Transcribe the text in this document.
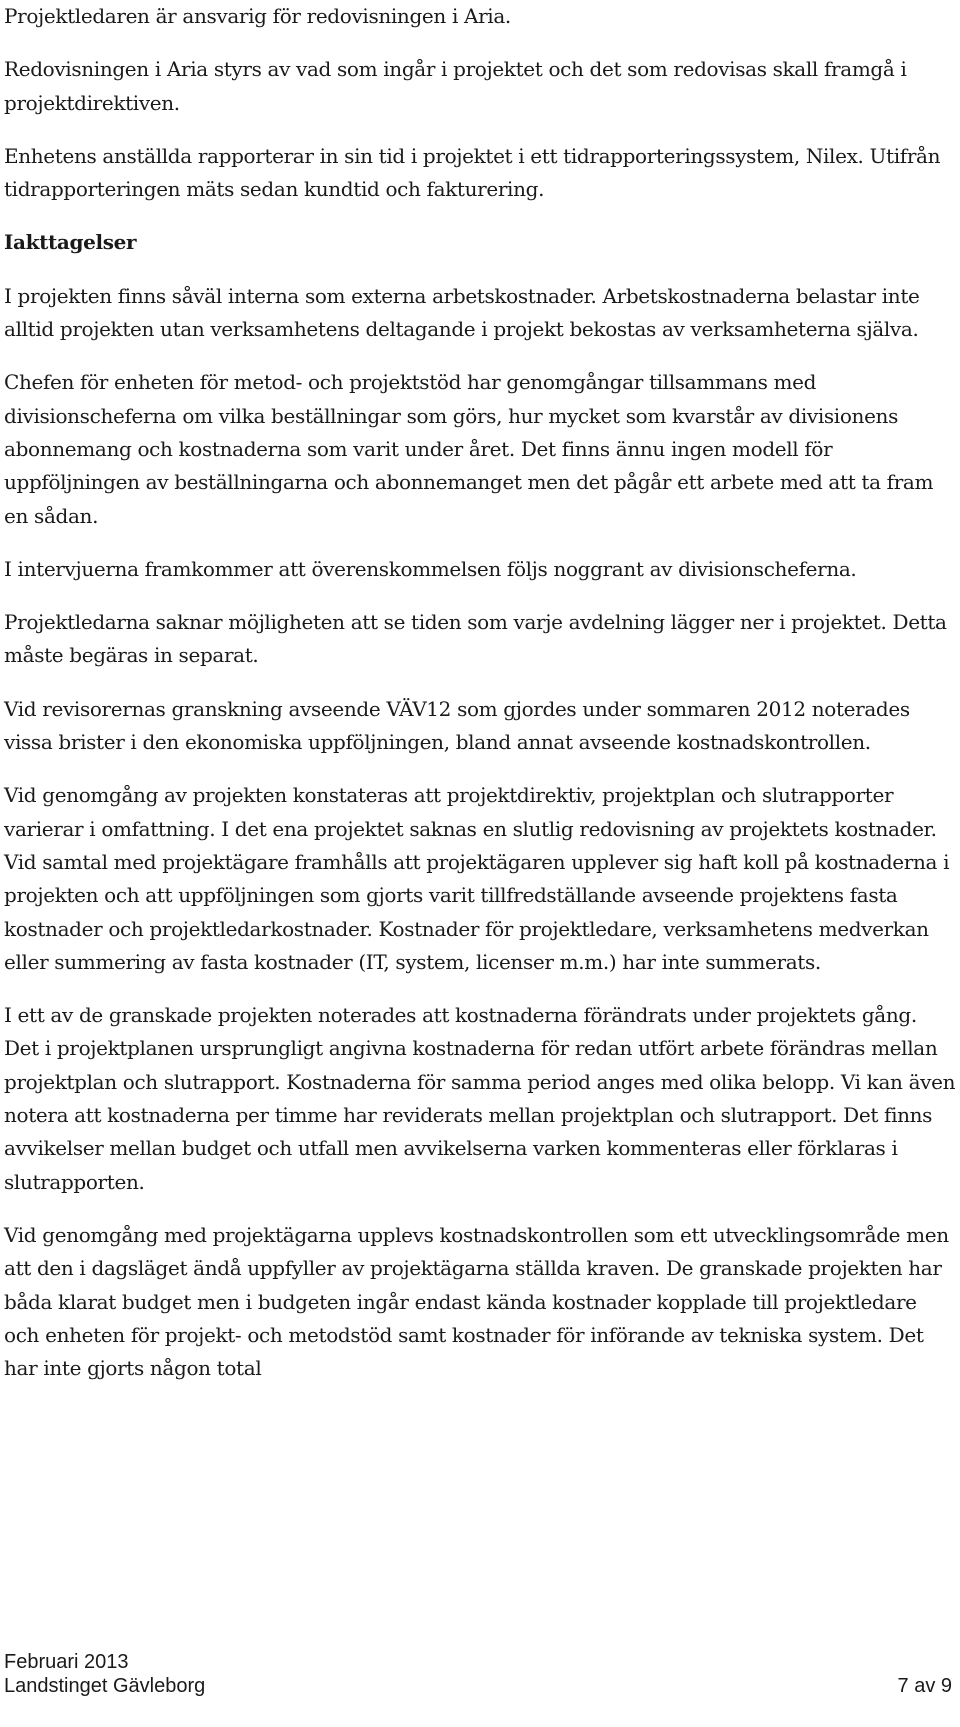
Projektledaren är ansvarig för redovisningen i Aria.

Redovisningen i Aria styrs av vad som ingår i projektet och det som redovisas skall framgå i projektdirektiven.

Enhetens anställda rapporterar in sin tid i projektet i ett tidrapporteringssystem, Nilex. Utifrån tidrapporteringen mäts sedan kundtid och fakturering.

Iakttagelser

I projekten finns såväl interna som externa arbetskostnader. Arbetskostnaderna belastar inte alltid projekten utan verksamhetens deltagande i projekt bekostas av verksamheterna själva.

Chefen för enheten för metod- och projektstöd har genomgångar tillsammans med divisionscheferna om vilka beställningar som görs, hur mycket som kvarstår av divisionens abonnemang och kostnaderna som varit under året. Det finns ännu ingen modell för uppföljningen av beställningarna och abonnemanget men det pågår ett arbete med att ta fram en sådan.

I intervjuerna framkommer att överenskommelsen följs noggrant av divisionscheferna.

Projektledarna saknar möjligheten att se tiden som varje avdelning lägger ner i projektet. Detta måste begäras in separat.

Vid revisorernas granskning avseende VÄV12 som gjordes under sommaren 2012 noterades vissa brister i den ekonomiska uppföljningen, bland annat avseende kostnadskontrollen.

Vid genomgång av projekten konstateras att projektdirektiv, projektplan och slutrapporter varierar i omfattning. I det ena projektet saknas en slutlig redovisning av projektets kostnader. Vid samtal med projektägare framhålls att projektägaren upplever sig haft koll på kostnaderna i projekten och att uppföljningen som gjorts varit tillfredställande avseende projektens fasta kostnader och projektledarkostnader. Kostnader för projektledare, verksamhetens medverkan eller summering av fasta kostnader (IT, system, licenser m.m.) har inte summerats.

I ett av de granskade projekten noterades att kostnaderna förändrats under projektets gång. Det i projektplanen ursprungligt angivna kostnaderna för redan utfört arbete förändras mellan projektplan och slutrapport. Kostnaderna för samma period anges med olika belopp. Vi kan även notera att kostnaderna per timme har reviderats mellan projektplan och slutrapport. Det finns avvikelser mellan budget och utfall men avvikelserna varken kommenteras eller förklaras i slutrapporten.

Vid genomgång med projektägarna upplevs kostnadskontrollen som ett utvecklingsområde men att den i dagsläget ändå uppfyller av projektägarna ställda kraven. De granskade projekten har båda klarat budget men i budgeten ingår endast kända kostnader kopplade till projektledare och enheten för projekt- och metodstöd samt kostnader för införande av tekniska system. Det har inte gjorts någon total

Februari 2013
Landstinget Gävleborg	7 av 9
